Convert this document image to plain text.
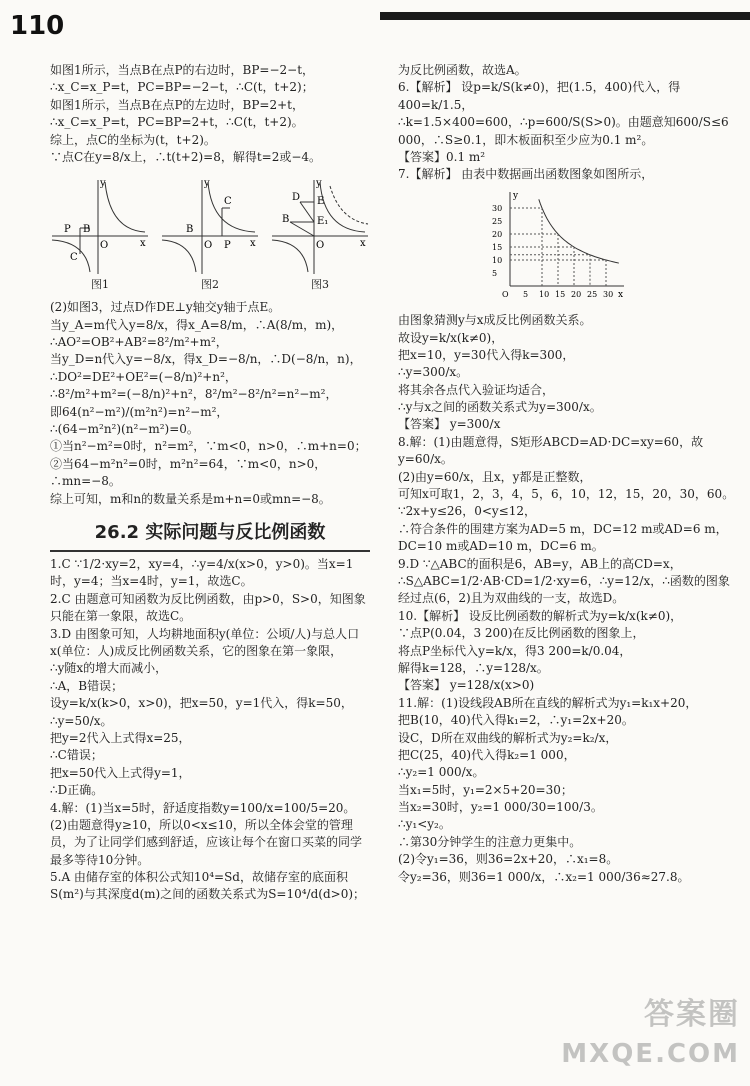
110

如图1所示，当点B在点P的右边时，BP=−2−t，

∴x_C=x_P=t，PC=BP=−2−t，∴C(t，t+2)；

如图1所示，当点B在点P的左边时，BP=2+t，

∴x_C=x_P=t，PC=BP=2+t，∴C(t，t+2)。

综上，点C的坐标为(t，t+2)。

∵点C在y=8/x上，∴t(t+2)=8，解得t=2或−4。

P B
O
C
x
y
图1
B
O
C
P x
y
图2
D
B
E
E₁
O	x
y
图3

(2)如图3，过点D作DE⊥y轴交y轴于点E。

当y_A=m代入y=8/x，得x_A=8/m，∴A(8/m，m)，

∴AO²=OB²+AB²=8²/m²+m²，

当y_D=n代入y=−8/x，得x_D=−8/n，∴D(−8/n，n)，

∴DO²=DE²+OE²=(−8/n)²+n²，

∴8²/m²+m²=(−8/n)²+n²，8²/m²−8²/n²=n²−m²，

即64(n²−m²)/(m²n²)=n²−m²，

∴(64−m²n²)(n²−m²)=0。

①当n²−m²=0时，n²=m²，∵m<0，n>0，∴m+n=0；

②当64−m²n²=0时，m²n²=64，∵m<0，n>0，∴mn=−8。

综上可知，m和n的数量关系是m+n=0或mn=−8。

26.2 实际问题与反比例函数

1.C ∵1/2·xy=2，xy=4，∴y=4/x(x>0，y>0)。当x=1时，y=4；当x=4时，y=1，故选C。

2.C 由题意可知函数为反比例函数，由p>0，S>0，知图象只能在第一象限，故选C。

3.D 由图象可知，人均耕地面积y(单位：公顷/人)与总人口x(单位：人)成反比例函数关系，它的图象在第一象限，

∴y随x的增大而减小，

∴A，B错误；

设y=k/x(k>0，x>0)，把x=50，y=1代入，得k=50，

∴y=50/x。

把y=2代入上式得x=25，

∴C错误；

把x=50代入上式得y=1，

∴D正确。

4.解：(1)当x=5时，舒适度指数y=100/x=100/5=20。

(2)由题意得y≥10，所以0<x≤10，所以全体会堂的管理员，为了让同学们感到舒适，应该让每个在窗口买菜的同学最多等待10分钟。

5.A 由储存室的体积公式知10⁴=Sd，故储存室的底面积S(m²)与其深度d(m)之间的函数关系式为S=10⁴/d(d>0)；

为反比例函数，故选A。

6.【解析】 设p=k/S(k≠0)，把(1.5，400)代入，得400=k/1.5，

∴k=1.5×400=600，∴p=600/S(S>0)。由题意知600/S≤6 000，∴S≥0.1，即木板面积至少应为0.1 m²。

【答案】0.1 m²

7.【解析】 由表中数据画出函数图象如图所示，

5 10 15 20 25 30
30
25
20
15
10
5
x
y
O

由图象猜测y与x成反比例函数关系。

故设y=k/x(k≠0)，

把x=10，y=30代入得k=300，

∴y=300/x。

将其余各点代入验证均适合，

∴y与x之间的函数关系式为y=300/x。

【答案】 y=300/x

8.解：(1)由题意得，S矩形ABCD=AD·DC=xy=60，故y=60/x。

(2)由y=60/x，且x，y都是正整数，

可知x可取1，2，3，4，5，6，10，12，15，20，30，60。

∵2x+y≤26，0<y≤12，

∴符合条件的围建方案为AD=5 m，DC=12 m或AD=6 m，DC=10 m或AD=10 m，DC=6 m。

9.D ∵△ABC的面积是6，AB=y，AB上的高CD=x，

∴S△ABC=1/2·AB·CD=1/2·xy=6，∴y=12/x，∴函数的图象经过点(6，2)且为双曲线的一支，故选D。

10.【解析】 设反比例函数的解析式为y=k/x(k≠0)，

∵点P(0.04，3 200)在反比例函数的图象上，

将点P坐标代入y=k/x，得3 200=k/0.04，

解得k=128，∴y=128/x。

【答案】 y=128/x(x>0)

11.解：(1)设线段AB所在直线的解析式为y₁=k₁x+20，

把B(10，40)代入得k₁=2，∴y₁=2x+20。

设C，D所在双曲线的解析式为y₂=k₂/x，

把C(25，40)代入得k₂=1 000，

∴y₂=1 000/x。

当x₁=5时，y₁=2×5+20=30；

当x₂=30时，y₂=1 000/30=100/3。

∴y₁<y₂。

∴第30分钟学生的注意力更集中。

(2)令y₁=36，则36=2x+20，∴x₁=8。

令y₂=36，则36=1 000/x，∴x₂=1 000/36≈27.8。

答案圈
MXQE.COM
